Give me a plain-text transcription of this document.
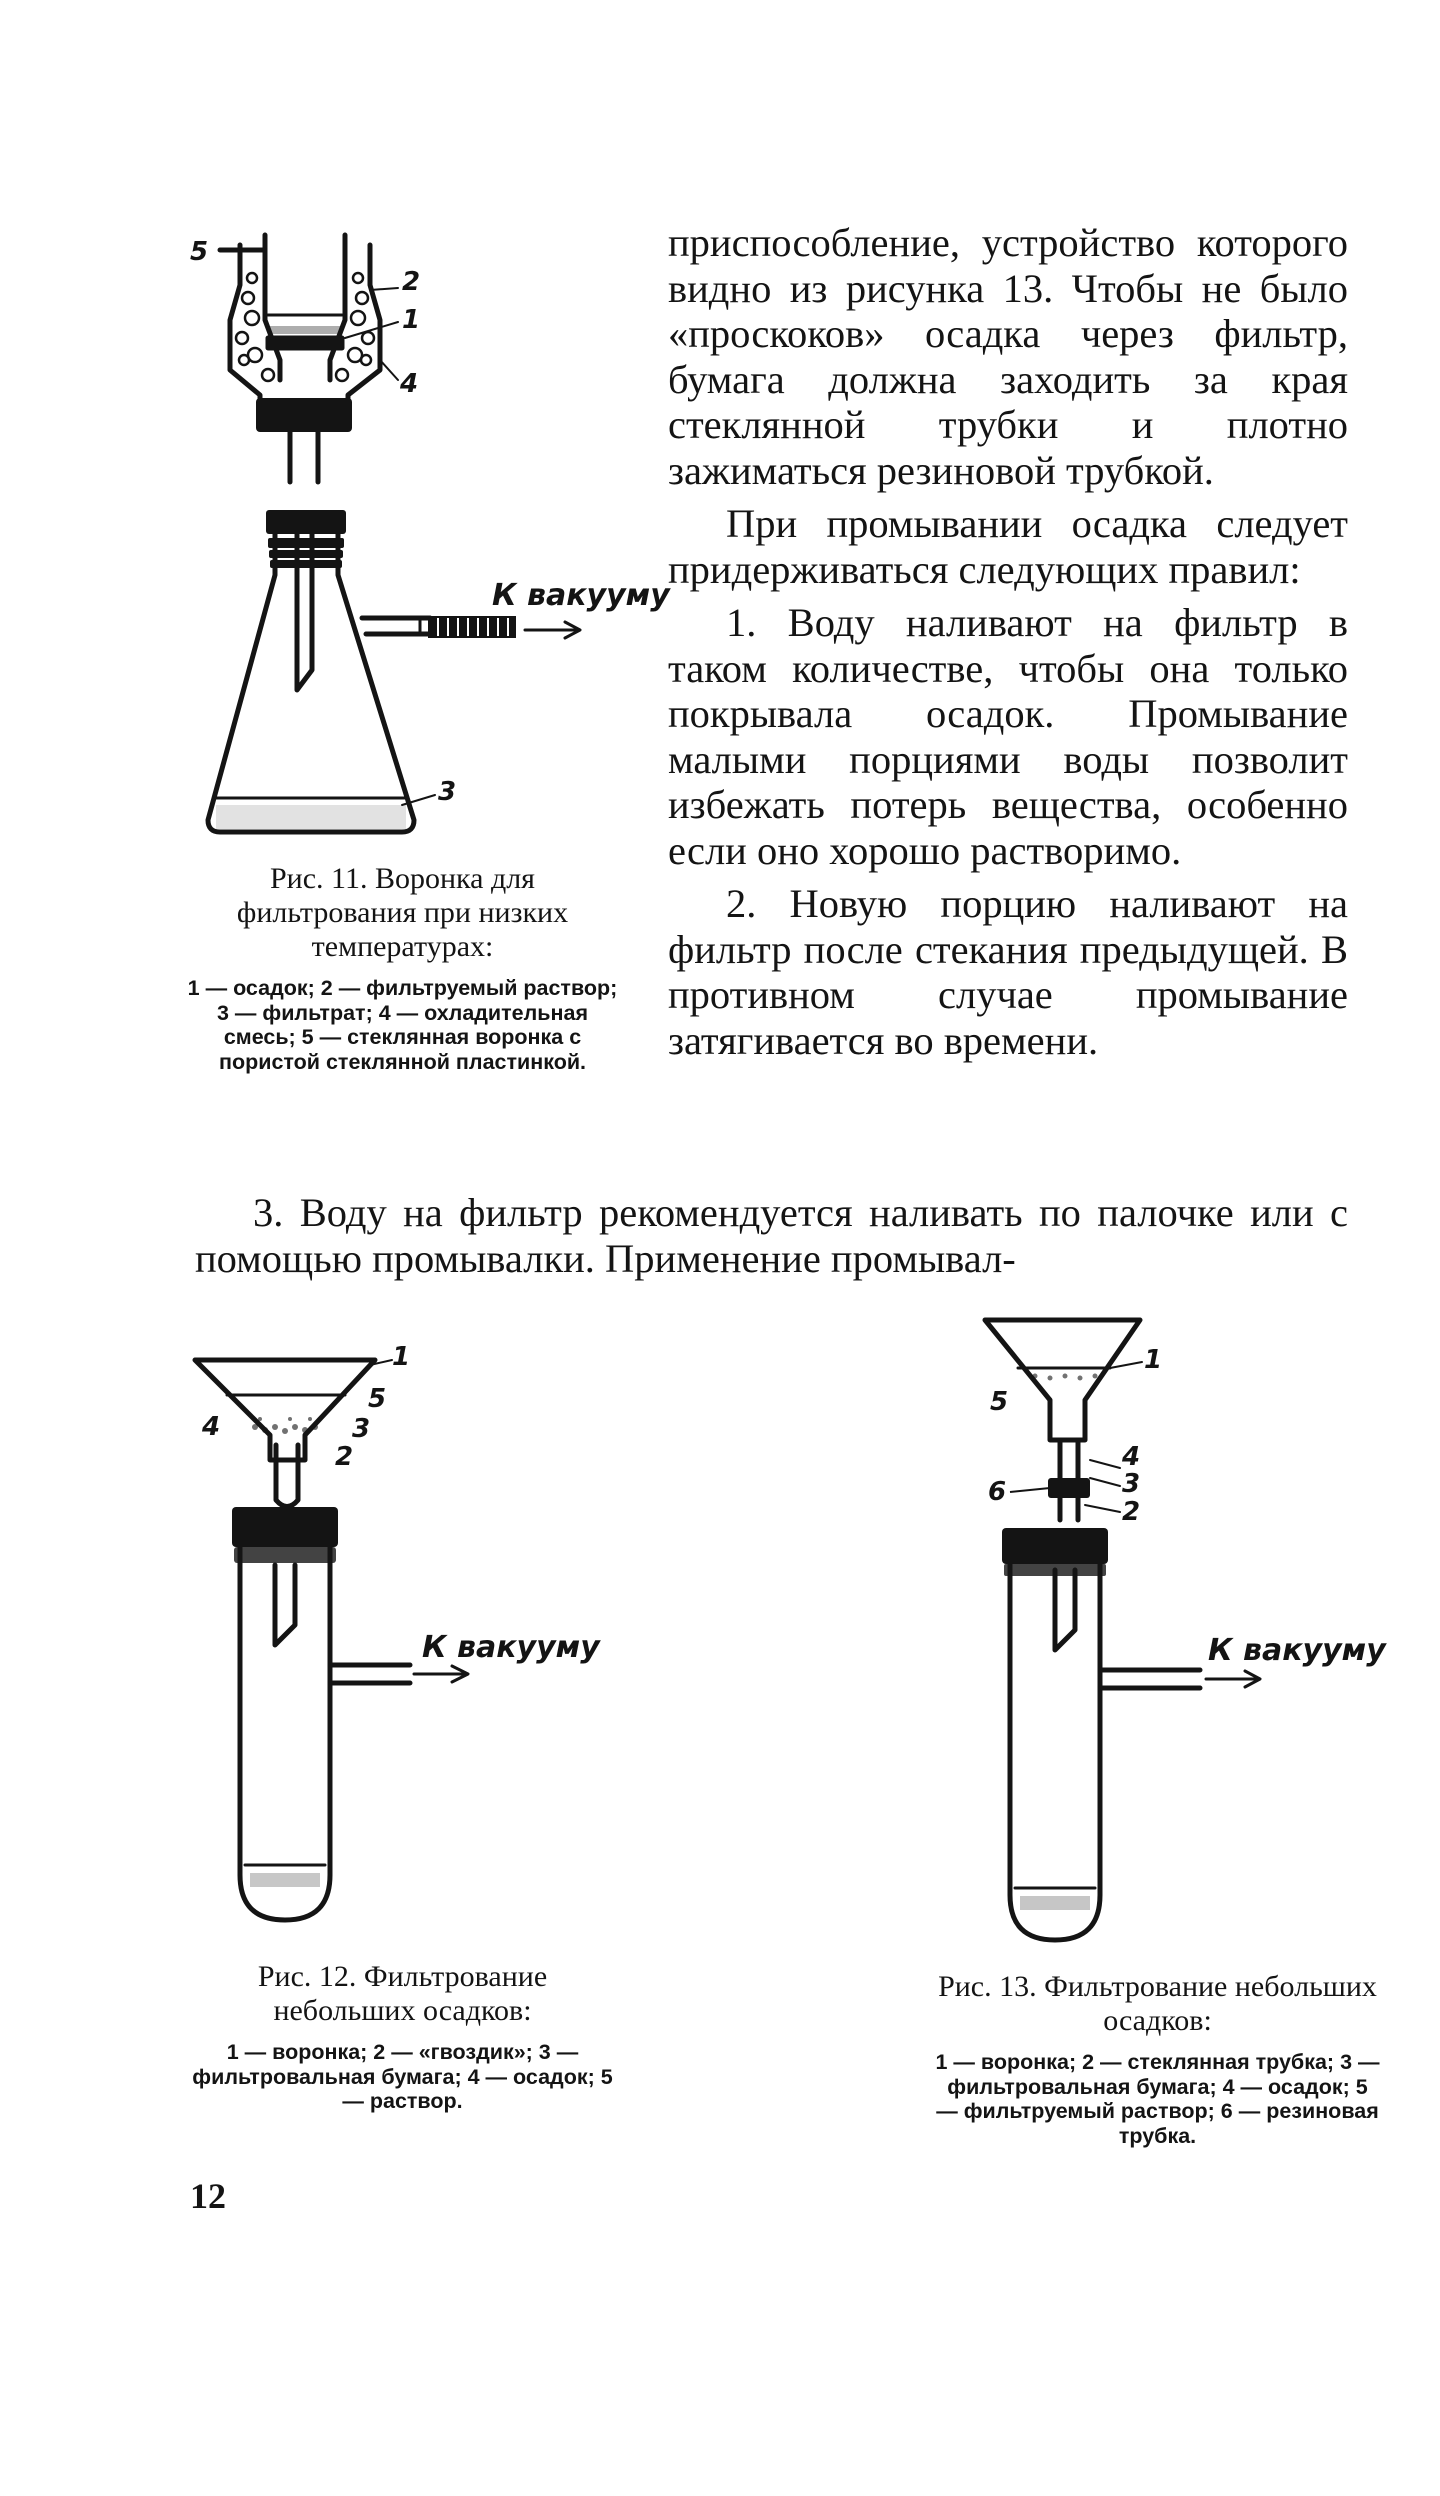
5
2
1
4
3
К вакууму

Рис. 11. Воронка для фильтрования при низких температурах:

1 — осадок; 2 — фильтруемый раствор; 3 — фильтрат; 4 — охладительная смесь; 5 — стеклянная воронка с пористой стеклянной пластинкой.

приспособление, устройство которого видно из рисунка 13. Чтобы не было «проскоков» осадка через фильтр, бумага должна заходить за края стеклянной трубки и плотно зажиматься резиновой трубкой.

При промывании осадка следует придерживаться следующих правил:

1. Воду наливают на фильтр в таком количестве, чтобы она только покрывала осадок. Промывание малыми порциями воды позволит избежать потерь вещества, особенно если оно хорошо растворимо.

2. Новую порцию наливают на фильтр после стекания предыдущей. В противном случае промывание затягивается во времени.

3. Воду на фильтр рекомендуется наливать по палочке или с помощью промывалки. Применение промывал-
1
5
4	3
2
К вакууму

Рис. 12. Фильтрование небольших осадков:

1 — воронка; 2 — «гвоздик»; 3 — фильтровальная бумага; 4 — осадок; 5 — раствор.

1
5
4
6	3
2
К вакууму

Рис. 13. Фильтрование небольших осадков:

1 — воронка; 2 — стеклянная трубка; 3 — фильтровальная бумага; 4 — осадок; 5 — фильтруемый раствор; 6 — резиновая трубка.

12
